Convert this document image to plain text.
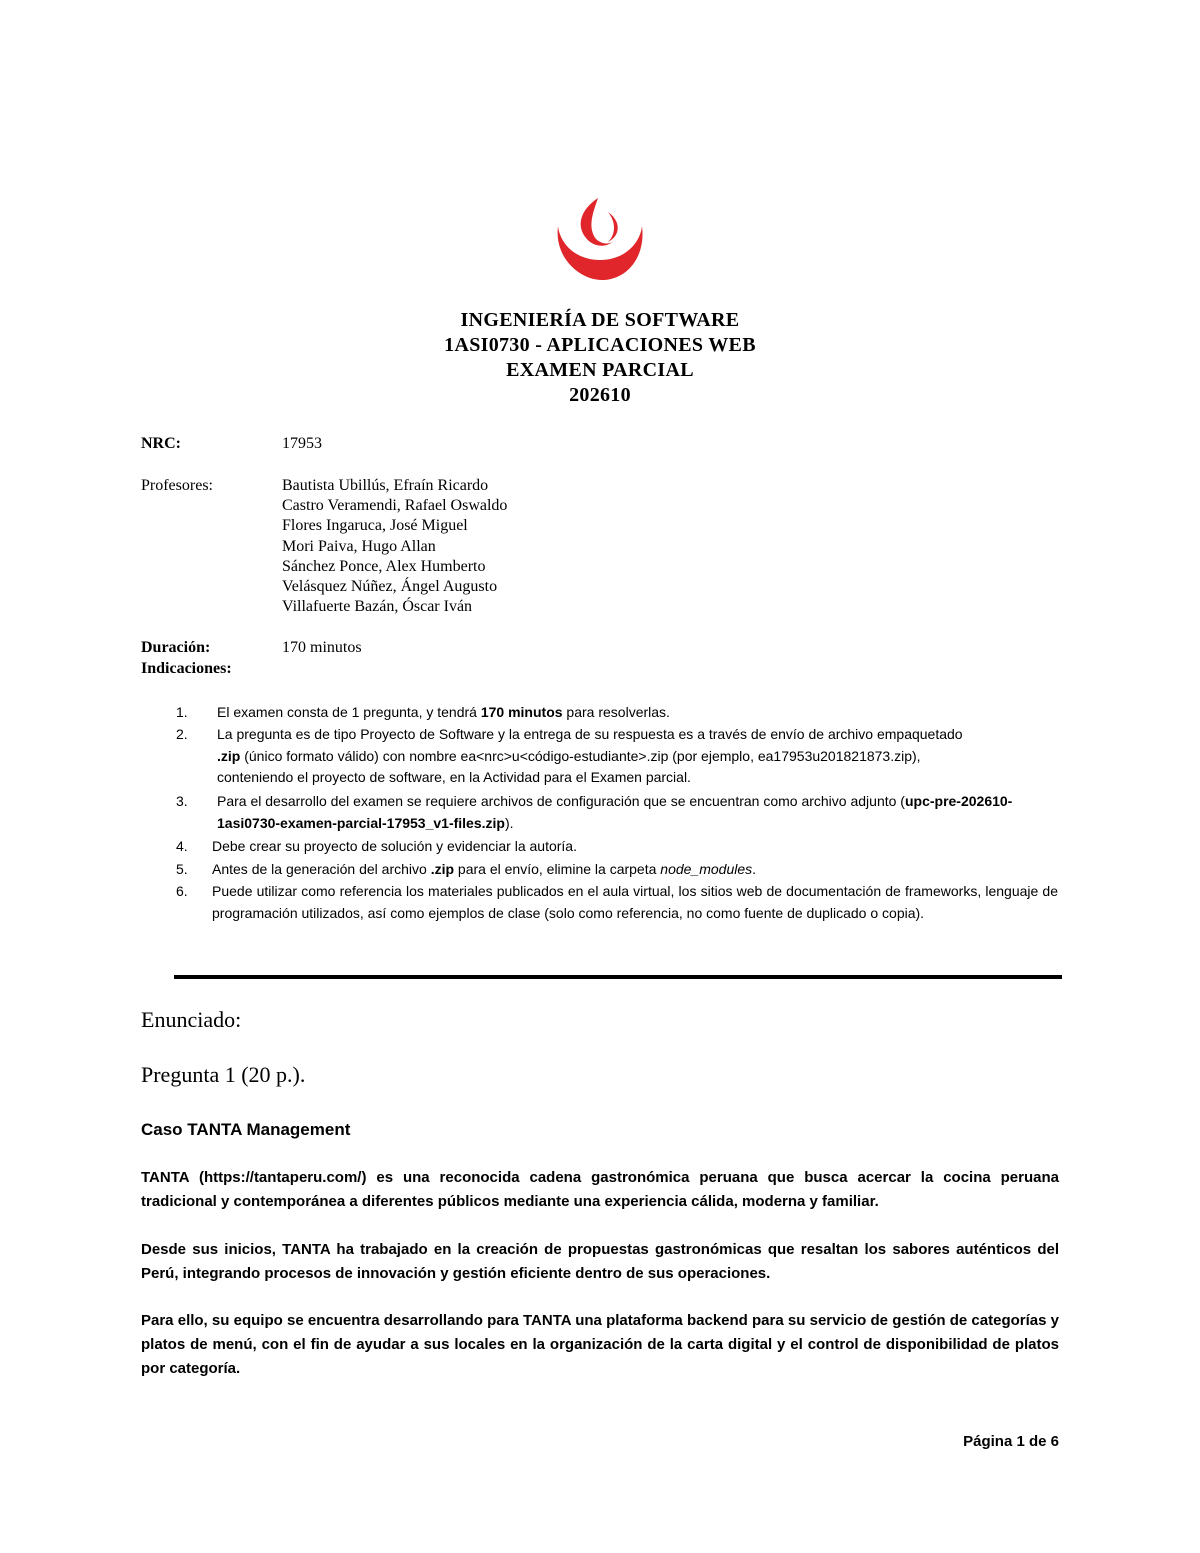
INGENIERÍA DE SOFTWARE
1ASI0730 - APLICACIONES WEB
EXAMEN PARCIAL
202610
NRC:	17953
Profesores:	Bautista Ubillús, Efraín Ricardo
Castro Veramendi, Rafael Oswaldo
Flores Ingaruca, José Miguel
Mori Paiva, Hugo Allan
Sánchez Ponce, Alex Humberto
Velásquez Núñez, Ángel Augusto
Villafuerte Bazán, Óscar Iván
Duración:	170 minutos
Indicaciones:
1.	El examen consta de 1 pregunta, y tendrá 170 minutos para resolverlas.
2.	La pregunta es de tipo Proyecto de Software y la entrega de su respuesta es a través de envío de archivo empaquetado .zip (único formato válido) con nombre ea<nrc>u<código-estudiante>.zip (por ejemplo, ea17953u201821873.zip), conteniendo el proyecto de software, en la Actividad para el Examen parcial.
3.	Para el desarrollo del examen se requiere archivos de configuración que se encuentran como archivo adjunto (upc-pre-202610-1asi0730-examen-parcial-17953_v1-files.zip).
4.	Debe crear su proyecto de solución y evidenciar la autoría.
5.	Antes de la generación del archivo .zip para el envío, elimine la carpeta node_modules.
6.	Puede utilizar como referencia los materiales publicados en el aula virtual, los sitios web de documentación de frameworks, lenguaje de programación utilizados, así como ejemplos de clase (solo como referencia, no como fuente de duplicado o copia).
Enunciado:
Pregunta 1 (20 p.).
Caso TANTA Management
TANTA (https://tantaperu.com/) es una reconocida cadena gastronómica peruana que busca acercar la cocina peruana tradicional y contemporánea a diferentes públicos mediante una experiencia cálida, moderna y familiar.
Desde sus inicios, TANTA ha trabajado en la creación de propuestas gastronómicas que resaltan los sabores auténticos del Perú, integrando procesos de innovación y gestión eficiente dentro de sus operaciones.
Para ello, su equipo se encuentra desarrollando para TANTA una plataforma backend para su servicio de gestión de categorías y platos de menú, con el fin de ayudar a sus locales en la organización de la carta digital y el control de disponibilidad de platos por categoría.
Página 1 de 6
